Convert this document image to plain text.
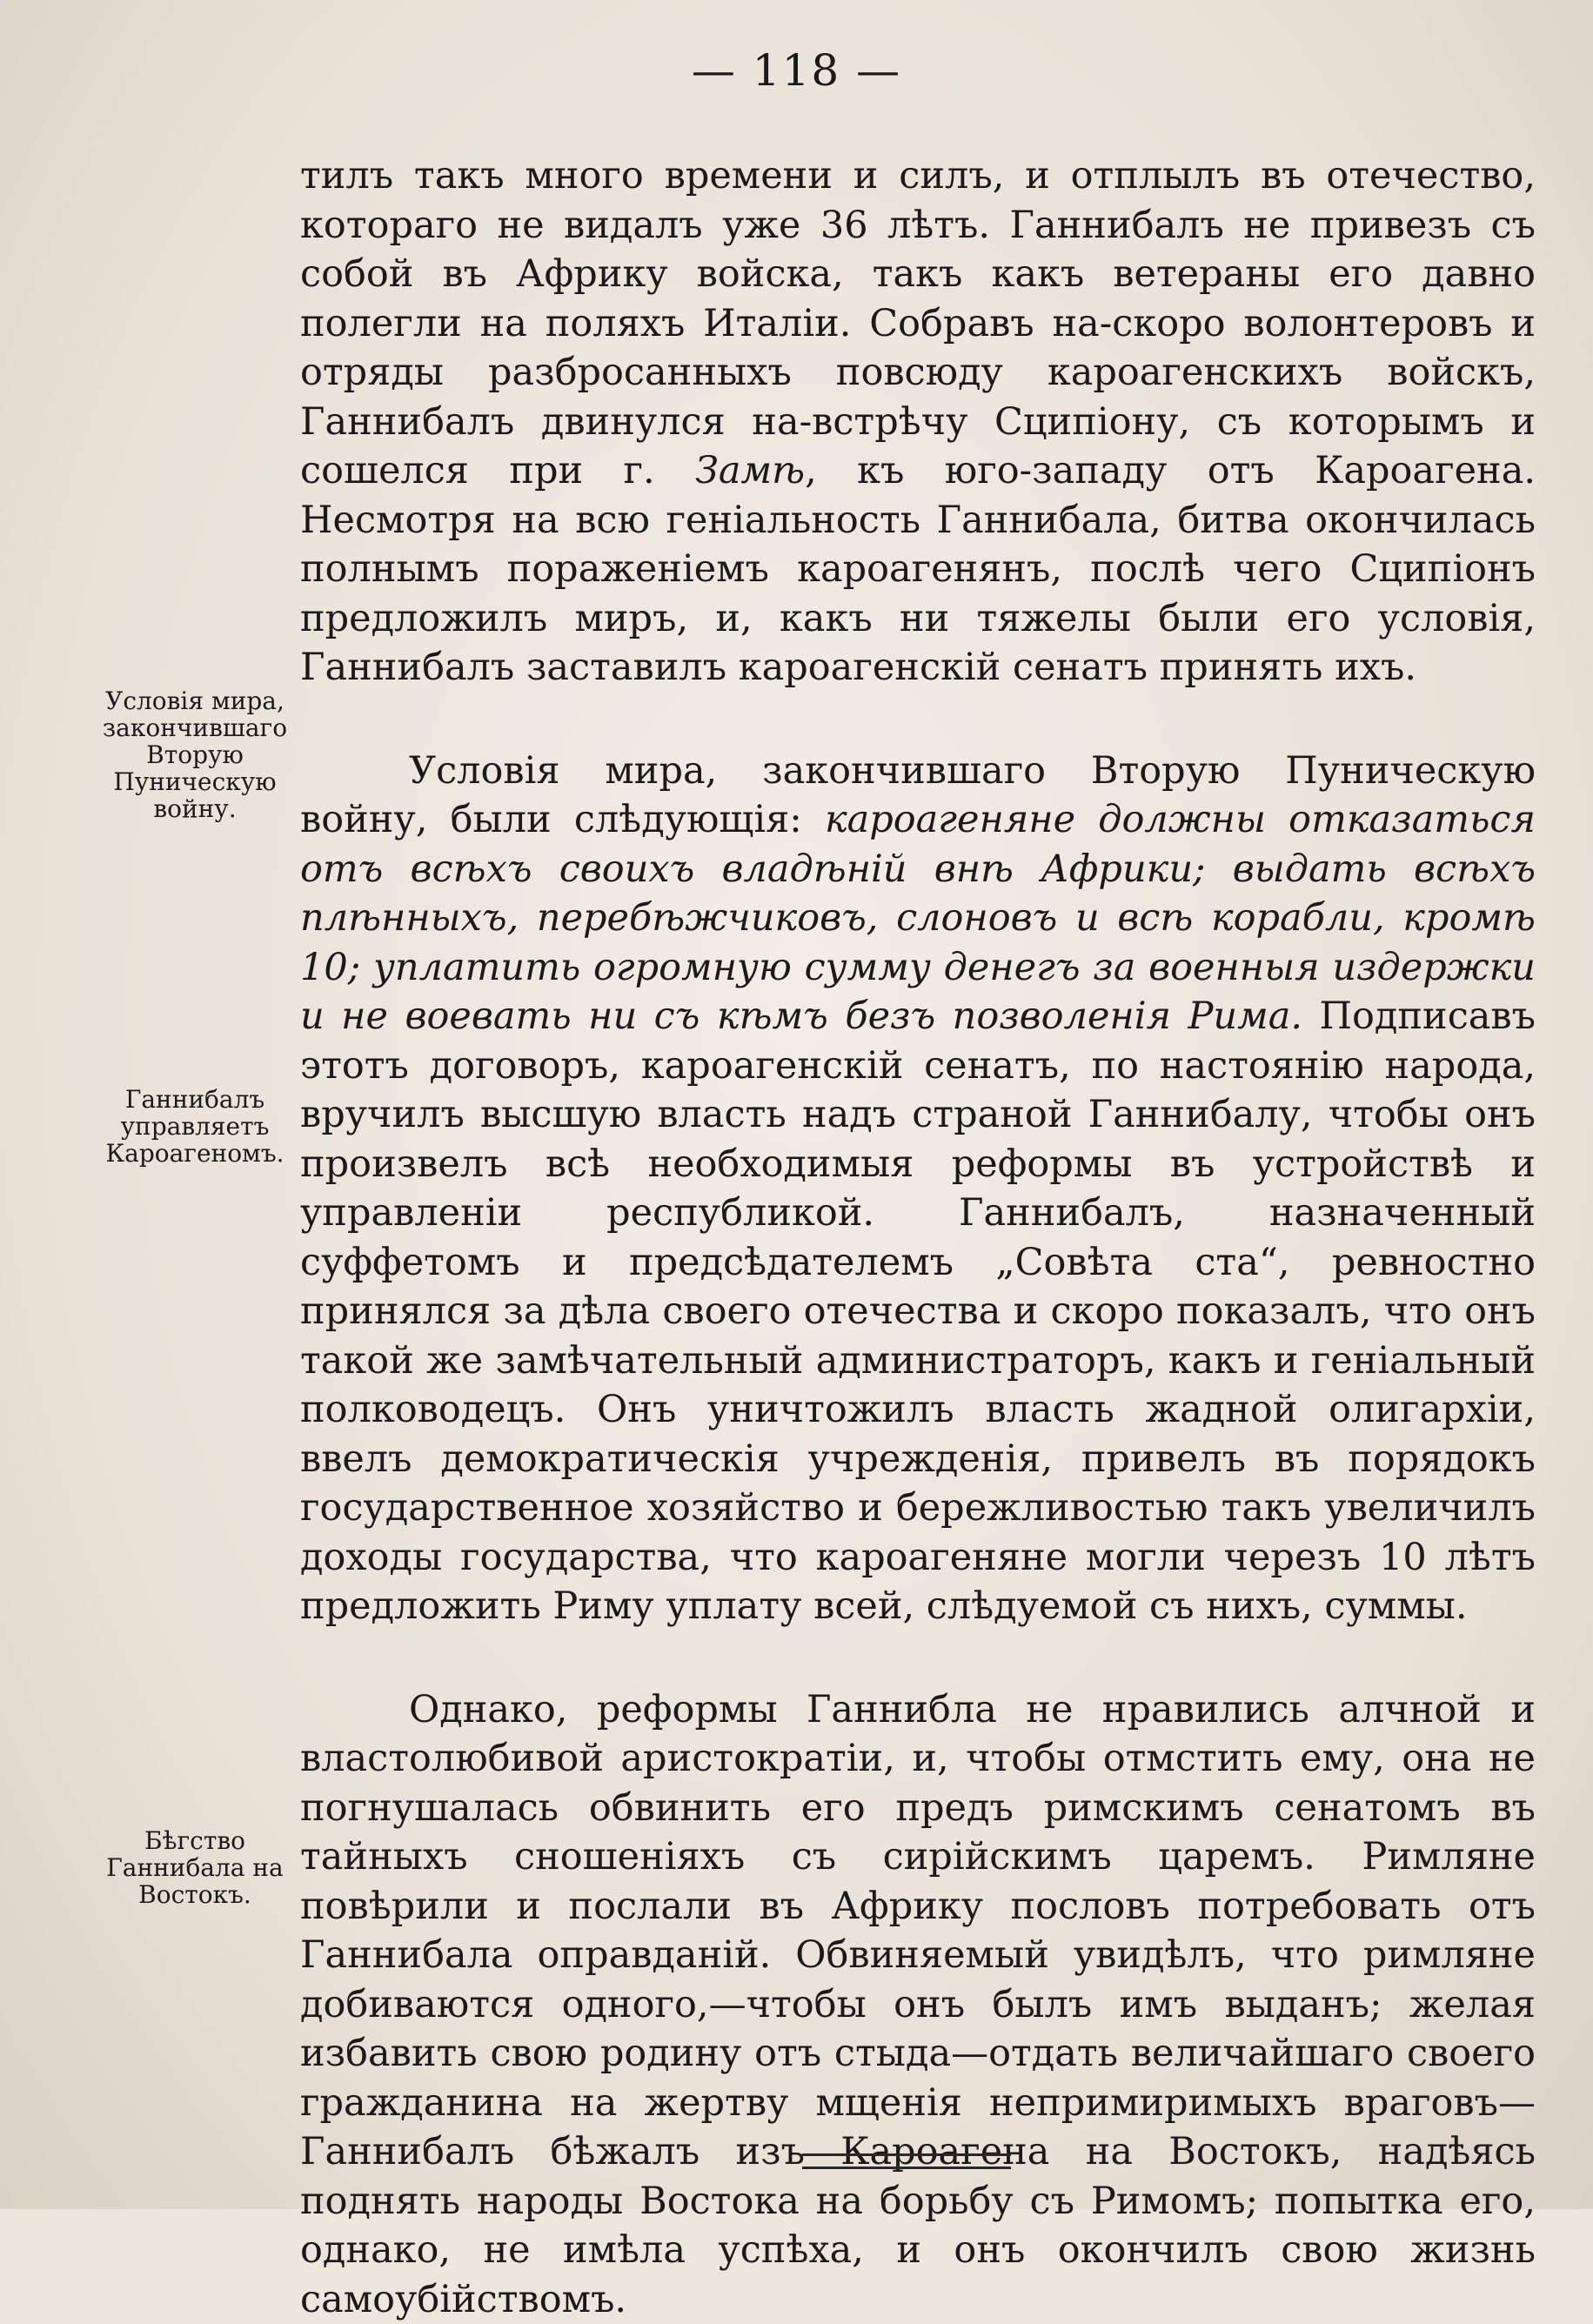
— 118 —

тилъ такъ много времени и силъ, и отплылъ въ отечество, котораго не видалъ уже 36 лѣтъ. Ганнибалъ не привезъ съ собой въ Африку войска, такъ какъ ветераны его давно полегли на поляхъ Италіи. Собравъ на-скоро волонтеровъ и отряды разбросанныхъ повсюду кароагенскихъ войскъ, Ганнибалъ двинулся на-встрѣчу Сципіону, съ которымъ и сошелся при г. Замѣ, къ юго-западу отъ Кароагена. Несмотря на всю геніальность Ганнибала, битва окончилась полнымъ пораженіемъ кароагенянъ, послѣ чего Сципіонъ предложилъ миръ, и, какъ ни тяжелы были его условія, Ганнибалъ заставилъ кароагенскій сенатъ принять ихъ.

Условія мира, закончившаго Вторую Пуническую войну, были слѣдующія: кароагеняне должны отказаться отъ всѣхъ своихъ владѣній внѣ Африки; выдать всѣхъ плѣнныхъ, перебѣжчиковъ, слоновъ и всѣ корабли, кромѣ 10; уплатить огромную сумму денегъ за военныя издержки и не воевать ни съ кѣмъ безъ позволенія Рима. Подписавъ этотъ договоръ, кароагенскій сенатъ, по настоянію народа, вручилъ высшую власть надъ страной Ганнибалу, чтобы онъ произвелъ всѣ необходимыя реформы въ устройствѣ и управленіи республикой. Ганнибалъ, назначенный суффетомъ и предсѣдателемъ „Совѣта ста“, ревностно принялся за дѣла своего отечества и скоро показалъ, что онъ такой же замѣчательный администраторъ, какъ и геніальный полководецъ. Онъ уничтожилъ власть жадной олигархіи, ввелъ демократическія учрежденія, привелъ въ порядокъ государственное хозяйство и бережливостью такъ увеличилъ доходы государства, что кароагеняне могли черезъ 10 лѣтъ предложить Риму уплату всей, слѣдуемой съ нихъ, суммы.

Однако, реформы Ганнибла не нравились алчной и властолюбивой аристократіи, и, чтобы отмстить ему, она не погнушалась обвинить его предъ римскимъ сенатомъ въ тайныхъ сношеніяхъ съ сирійскимъ царемъ. Римляне повѣрили и послали въ Африку пословъ потребовать отъ Ганнибала оправданій. Обвиняемый увидѣлъ, что римляне добиваются одного,—чтобы онъ былъ имъ выданъ; желая избавить свою родину отъ стыда—отдать величайшаго своего гражданина на жертву мщенія непримиримыхъ враговъ—Ганнибалъ бѣжалъ изъ Кароагена на Востокъ, надѣясь поднять народы Востока на борьбу съ Римомъ; попытка его, однако, не имѣла успѣха, и онъ окончилъ свою жизнь самоубійствомъ.

Условія мира, закончившаго Вторую Пуническую войну.
Ганнибалъ управляетъ Кароагеномъ.
Бѣгство Ганнибала на Востокъ.
